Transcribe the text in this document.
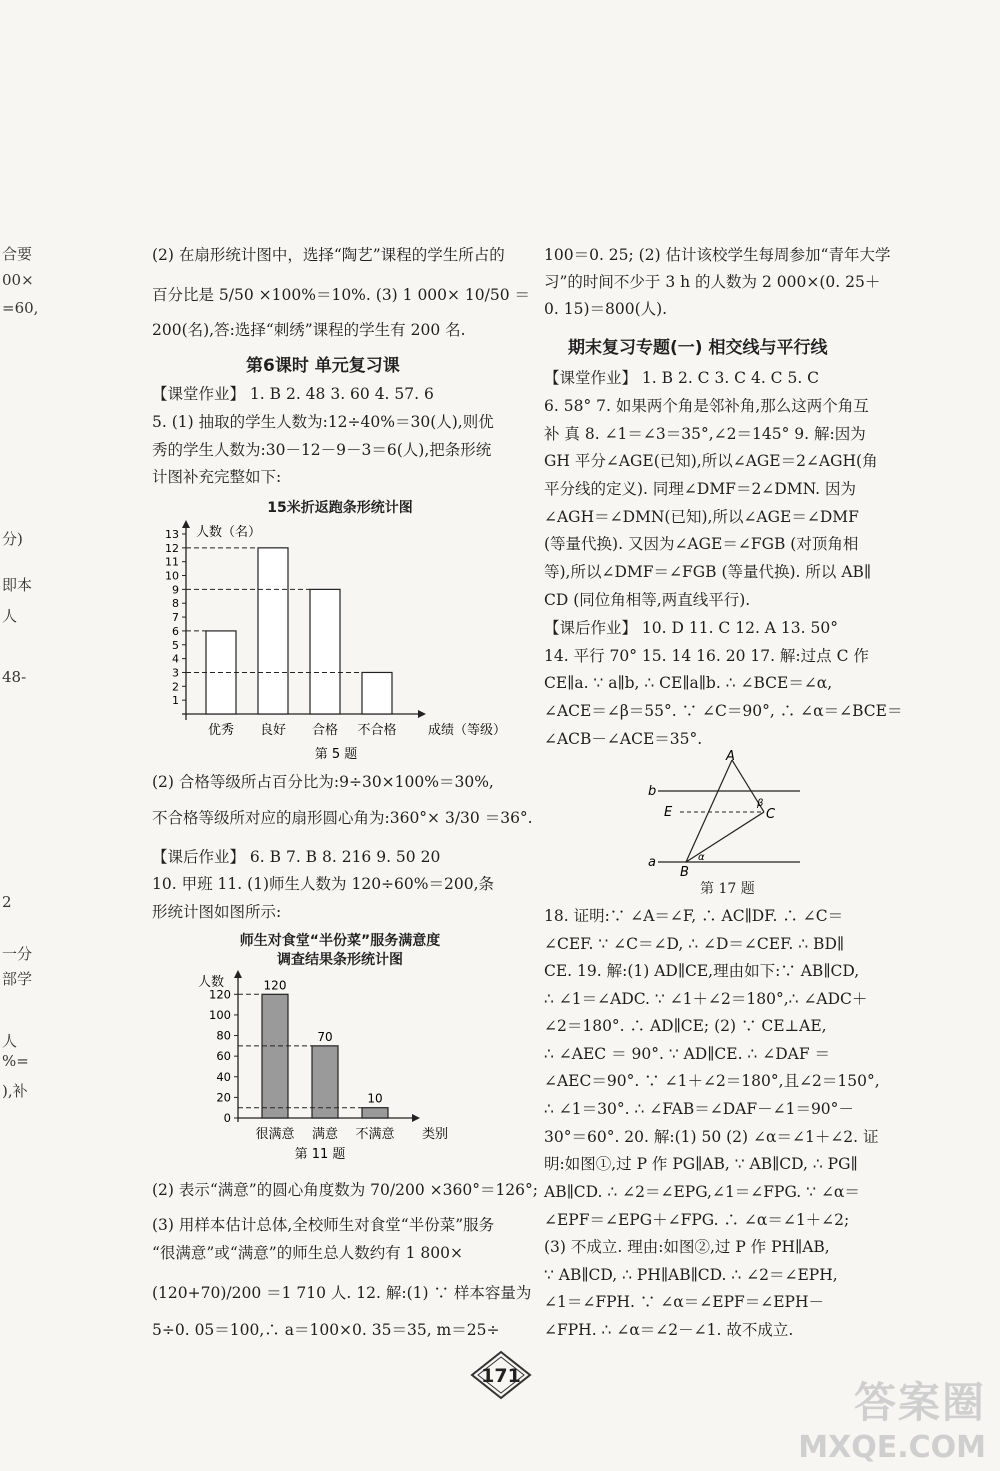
合要
00×
=60,
分)
即本
人
48-
2
一分
部学
人
%=
),补
(2) 在扇形统计图中，选择“陶艺”课程的学生所占的
百分比是 5/50 ×100%＝10%. (3) 1 000× 10/50 ＝
200(名),答:选择“刺绣”课程的学生有 200 名.
第6课时 单元复习课
【课堂作业】 1. B 2. 48 3. 60 4. 57. 6
5. (1) 抽取的学生人数为:12÷40%＝30(人),则优
秀的学生人数为:30－12－9－3＝6(人),把条形统
计图补充完整如下:
15米折返跑条形统计图
人数（名）
成绩（等级）
1
2
3
4
5
6
7
8
9
10
11
12
13
优秀 良好 合格 不合格
第 5 题
(2) 合格等级所占百分比为:9÷30×100%＝30%,
不合格等级所对应的扇形圆心角为:360°× 3/30 ＝36°.
【课后作业】 6. B 7. B 8. 216 9. 50 20
10. 甲班 11. (1)师生人数为 120÷60%＝200,条
形统计图如图所示:
师生对食堂“半份菜”服务满意度
调查结果条形统计图
人数
类别
0
20
40
60
80
100
120
120
很满意
70
满意
10
不满意
第 11 题
(2) 表示“满意”的圆心角度数为 70/200 ×360°＝126°;
(3) 用样本估计总体,全校师生对食堂“半份菜”服务
“很满意”或“满意”的师生总人数约有 1 800×
(120+70)/200 ＝1 710 人. 12. 解:(1) ∵ 样本容量为
5÷0. 05＝100,∴ a＝100×0. 35＝35, m＝25÷
100＝0. 25; (2) 估计该校学生每周参加“青年大学
习”的时间不少于 3 h 的人数为 2 000×(0. 25＋
0. 15)＝800(人).
期末复习专题(一) 相交线与平行线
【课堂作业】 1. B 2. C 3. C 4. C 5. C
6. 58° 7. 如果两个角是邻补角,那么这两个角互
补 真 8. ∠1＝∠3＝35°,∠2＝145° 9. 解:因为
GH 平分∠AGE(已知),所以∠AGE＝2∠AGH(角
平分线的定义). 同理∠DMF＝2∠DMN. 因为
∠AGH＝∠DMN(已知),所以∠AGE＝∠DMF
(等量代换). 又因为∠AGE＝∠FGB (对顶角相
等),所以∠DMF＝∠FGB (等量代换). 所以 AB∥
CD (同位角相等,两直线平行).
【课后作业】 10. D 11. C 12. A 13. 50°
14. 平行 70° 15. 14 16. 20 17. 解:过点 C 作
CE∥a. ∵ a∥b, ∴ CE∥a∥b. ∴ ∠BCE＝∠α,
∠ACE＝∠β＝55°. ∵ ∠C＝90°, ∴ ∠α＝∠BCE＝
∠ACB－∠ACE＝35°.
A
b
E
β
C
a	α
B
第 17 题
18. 证明:∵ ∠A＝∠F, ∴ AC∥DF. ∴ ∠C＝
∠CEF. ∵ ∠C＝∠D, ∴ ∠D＝∠CEF. ∴ BD∥
CE. 19. 解:(1) AD∥CE,理由如下:∵ AB∥CD,
∴ ∠1＝∠ADC. ∵ ∠1＋∠2＝180°,∴ ∠ADC＋
∠2＝180°. ∴ AD∥CE; (2) ∵ CE⊥AE,
∴ ∠AEC ＝ 90°. ∵ AD∥CE. ∴ ∠DAF ＝
∠AEC＝90°. ∵ ∠1＋∠2＝180°,且∠2＝150°,
∴ ∠1＝30°. ∴ ∠FAB＝∠DAF－∠1＝90°－
30°＝60°. 20. 解:(1) 50 (2) ∠α＝∠1＋∠2. 证
明:如图①,过 P 作 PG∥AB, ∵ AB∥CD, ∴ PG∥
AB∥CD. ∴ ∠2＝∠EPG,∠1＝∠FPG. ∵ ∠α＝
∠EPF＝∠EPG＋∠FPG. ∴ ∠α＝∠1＋∠2;
(3) 不成立. 理由:如图②,过 P 作 PH∥AB,
∵ AB∥CD, ∴ PH∥AB∥CD. ∴ ∠2＝∠EPH,
∠1＝∠FPH. ∵ ∠α＝∠EPF＝∠EPH－
∠FPH. ∴ ∠α＝∠2－∠1. 故不成立.
171
答案圈
MXQE.COM
